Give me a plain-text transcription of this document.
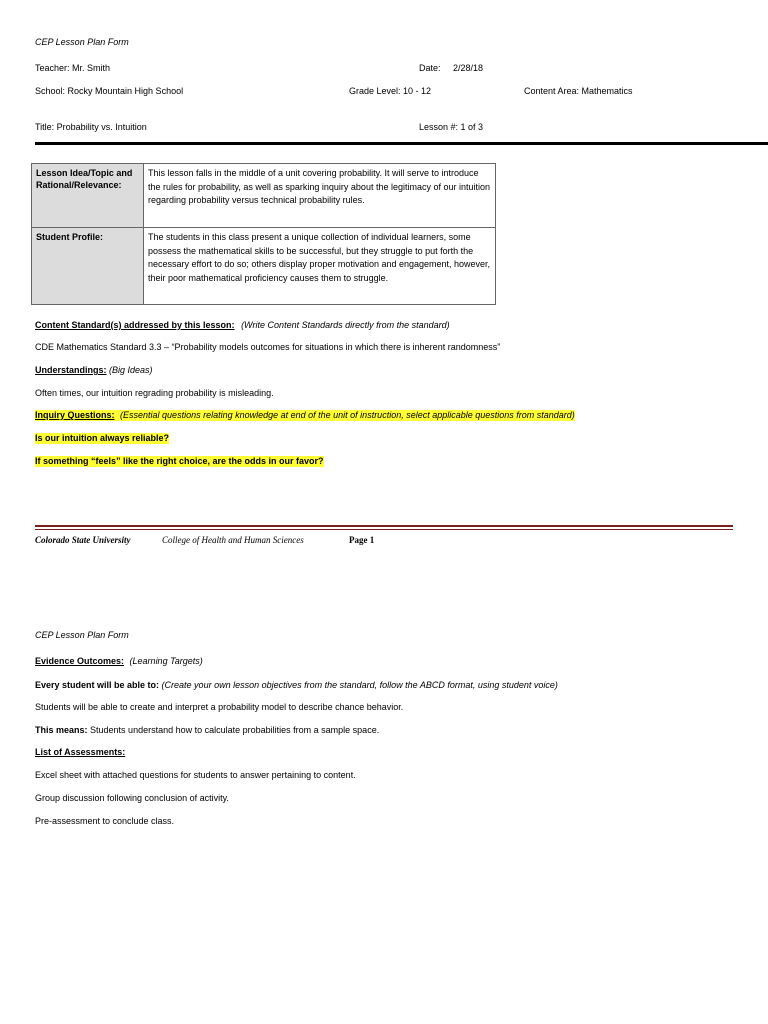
CEP Lesson Plan Form
Teacher: Mr. Smith	Date: 2/28/18
School: Rocky Mountain High School	Grade Level: 10 - 12	Content Area: Mathematics
Title: Probability vs. Intuition	Lesson #: 1 of 3
Lesson Idea/Topic and Rational/Relevance:
This lesson falls in the middle of a unit covering probability. It will serve to introduce the rules for probability, as well as sparking inquiry about the legitimacy of our intuition regarding probability versus technical probability rules.
Student Profile:	The students in this class present a unique collection of individual learners, some possess the mathematical skills to be successful, but they struggle to put forth the necessary effort to do so; others display proper motivation and engagement, however, their poor mathematical proficiency causes them to struggle.
Content Standard(s) addressed by this lesson: (Write Content Standards directly from the standard)
CDE Mathematics Standard 3.3 – “Probability models outcomes for situations in which there is inherent randomness”
Understandings: (Big Ideas)
Often times, our intuition regrading probability is misleading.
Inquiry Questions: (Essential questions relating knowledge at end of the unit of instruction, select applicable questions from standard)
Is our intuition always reliable?
If something “feels” like the right choice, are the odds in our favor?
Colorado State University	College of Health and Human Sciences	Page 1
CEP Lesson Plan Form
Evidence Outcomes: (Learning Targets)
Every student will be able to: (Create your own lesson objectives from the standard, follow the ABCD format, using student voice)
Students will be able to create and interpret a probability model to describe chance behavior.
This means: Students understand how to calculate probabilities from a sample space.
List of Assessments:
Excel sheet with attached questions for students to answer pertaining to content.
Group discussion following conclusion of activity.
Pre-assessment to conclude class.
